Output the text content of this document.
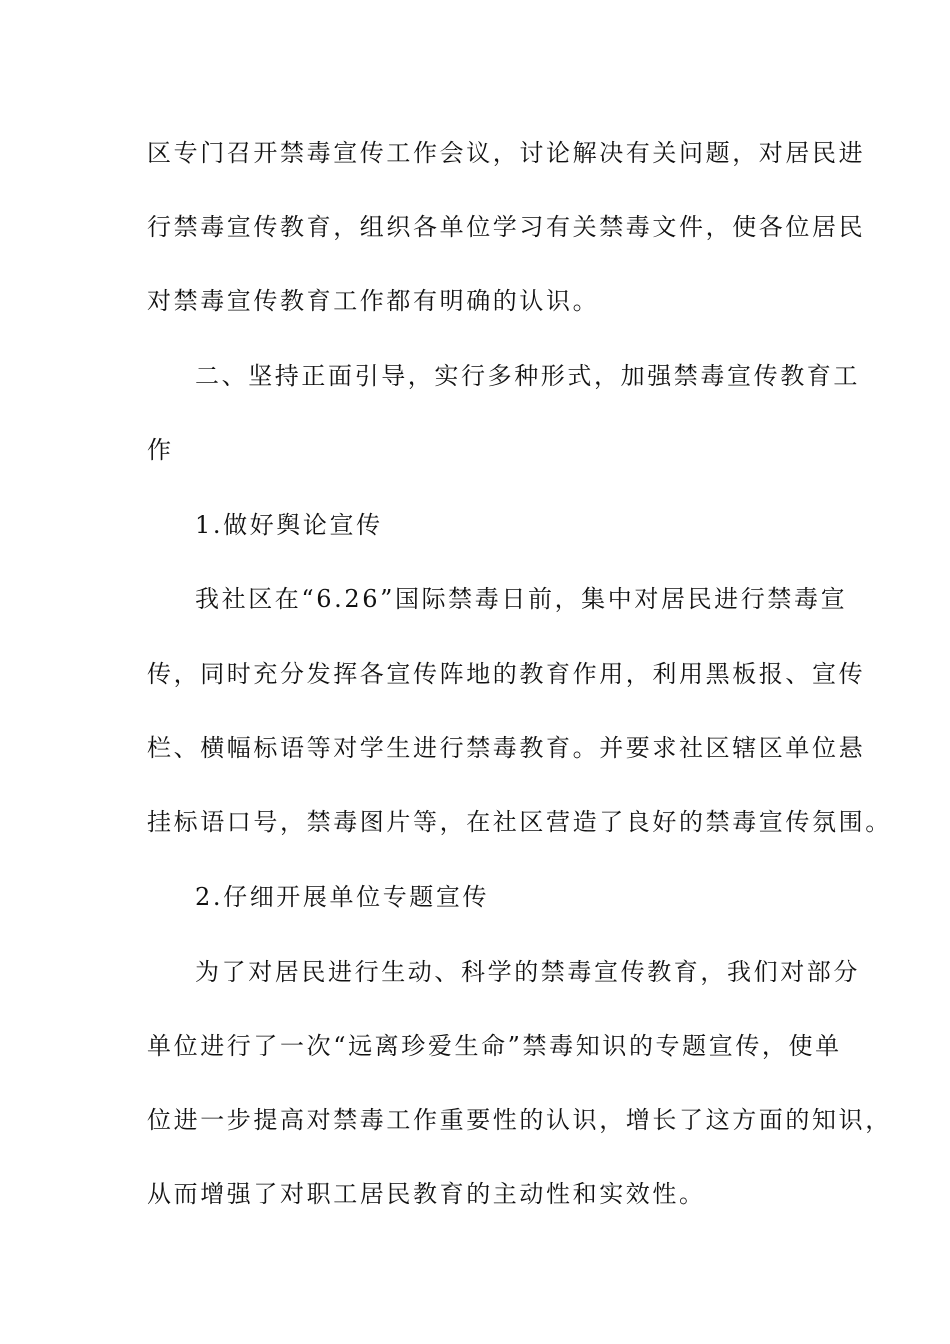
区专门召开禁毒宣传工作会议，讨论解决有关问题，对居民进
行禁毒宣传教育，组织各单位学习有关禁毒文件，使各位居民
对禁毒宣传教育工作都有明确的认识。
二、坚持正面引导，实行多种形式，加强禁毒宣传教育工
作
1.做好舆论宣传
我社区在“6.26”国际禁毒日前，集中对居民进行禁毒宣
传，同时充分发挥各宣传阵地的教育作用，利用黑板报、宣传
栏、横幅标语等对学生进行禁毒教育。并要求社区辖区单位悬
挂标语口号，禁毒图片等，在社区营造了良好的禁毒宣传氛围。
2.仔细开展单位专题宣传
为了对居民进行生动、科学的禁毒宣传教育，我们对部分
单位进行了一次“远离珍爱生命”禁毒知识的专题宣传，使单
位进一步提高对禁毒工作重要性的认识，增长了这方面的知识，
从而增强了对职工居民教育的主动性和实效性。
